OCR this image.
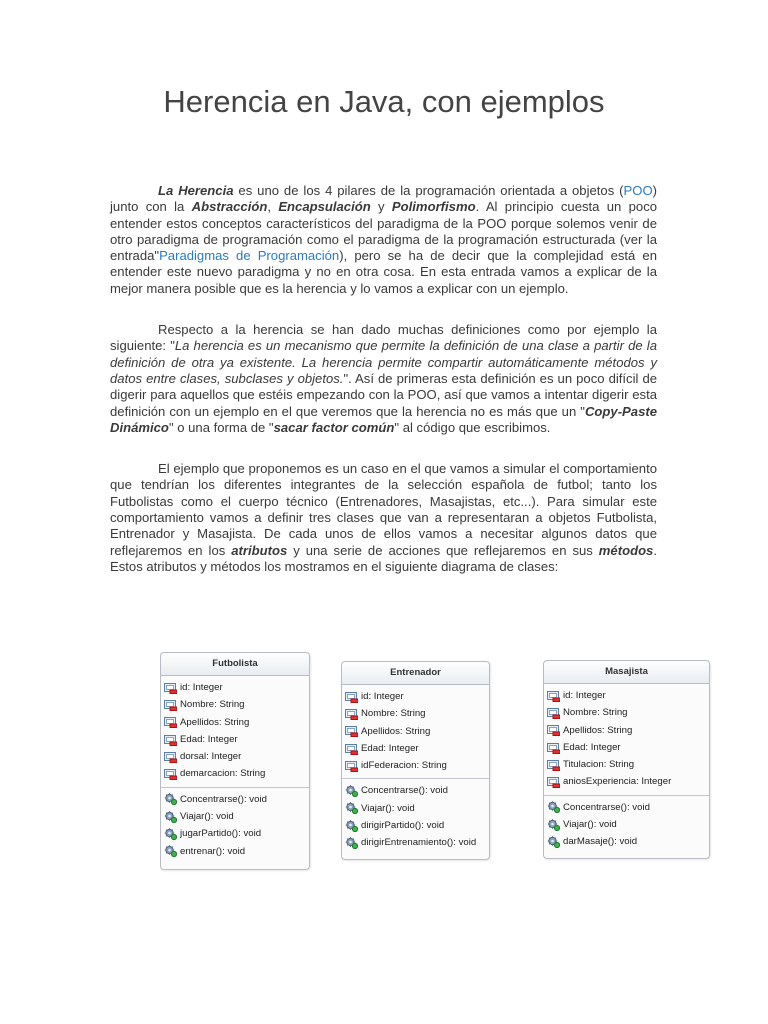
Herencia en Java, con ejemplos

La Herencia es uno de los 4 pilares de la programación orientada a objetos (POO) junto con la Abstracción, Encapsulación y Polimorfismo. Al principio cuesta un poco entender estos conceptos característicos del paradigma de la POO porque solemos venir de otro paradigma de programación como el paradigma de la programación estructurada (ver la entrada"Paradigmas de Programación), pero se ha de decir que la complejidad está en entender este nuevo paradigma y no en otra cosa. En esta entrada vamos a explicar de la mejor manera posible que es la herencia y lo vamos a explicar con un ejemplo.

Respecto a la herencia se han dado muchas definiciones como por ejemplo la siguiente: "La herencia es un mecanismo que permite la definición de una clase a partir de la definición de otra ya existente. La herencia permite compartir automáticamente métodos y datos entre clases, subclases y objetos.". Así de primeras esta definición es un poco difícil de digerir para aquellos que estéis empezando con la POO, así que vamos a intentar digerir esta definición con un ejemplo en el que veremos que la herencia no es más que un "Copy-Paste Dinámico" o una forma de "sacar factor común" al código que escribimos.

El ejemplo que proponemos es un caso en el que vamos a simular el comportamiento que tendrían los diferentes integrantes de la selección española de futbol; tanto los Futbolistas como el cuerpo técnico (Entrenadores, Masajistas, etc...). Para simular este comportamiento vamos a definir tres clases que van a representaran a objetos Futbolista, Entrenador y Masajista. De cada unos de ellos vamos a necesitar algunos datos que reflejaremos en los atributos y una serie de acciones que reflejaremos en sus métodos. Estos atributos y métodos los mostramos en el siguiente diagrama de clases:

Futbolista
id: Integer
Nombre: String
Apellidos: String
Edad: Integer
dorsal: Integer
demarcacion: String
Concentrarse(): void
Viajar(): void
jugarPartido(): void
entrenar(): void
Entrenador
id: Integer
Nombre: String
Apellidos: String
Edad: Integer
idFederacion: String
Concentrarse(): void
Viajar(): void
dirigirPartido(): void
dirigirEntrenamiento(): void
Masajista
id: Integer
Nombre: String
Apellidos: String
Edad: Integer
Titulacion: String
aniosExperiencia: Integer
Concentrarse(): void
Viajar(): void
darMasaje(): void
